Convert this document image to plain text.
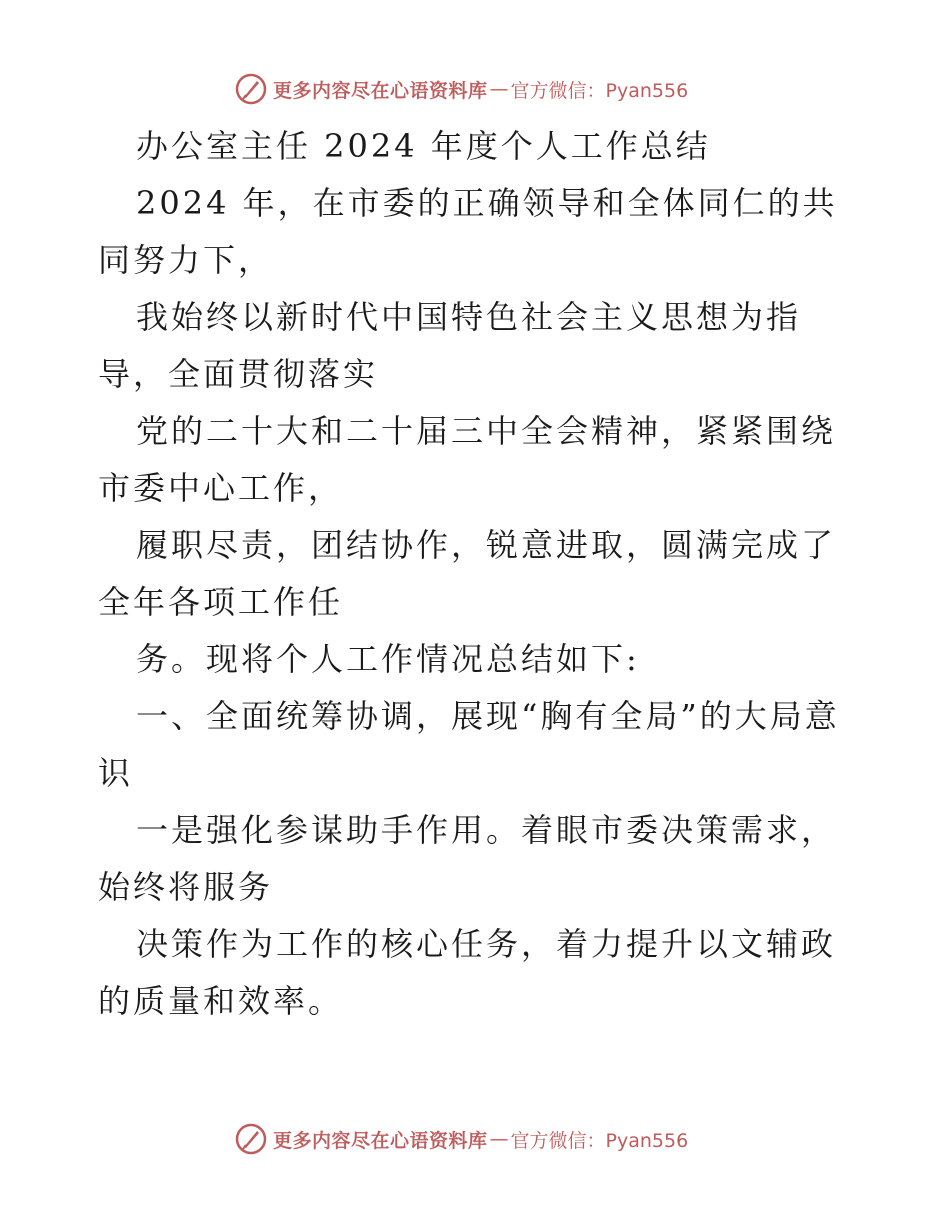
更多内容尽在心语资料库 — 官方微信：Pyan556

办公室主任 2024 年度个人工作总结

2024 年，在市委的正确领导和全体同仁的共同努力下，

我始终以新时代中国特色社会主义思想为指导，全面贯彻落实

党的二十大和二十届三中全会精神，紧紧围绕市委中心工作，

履职尽责，团结协作，锐意进取，圆满完成了全年各项工作任

务。现将个人工作情况总结如下:

一、全面统筹协调，展现“胸有全局”的大局意识

一是强化参谋助手作用。着眼市委决策需求，始终将服务

决策作为工作的核心任务，着力提升以文辅政的质量和效率。

更多内容尽在心语资料库 — 官方微信：Pyan556
